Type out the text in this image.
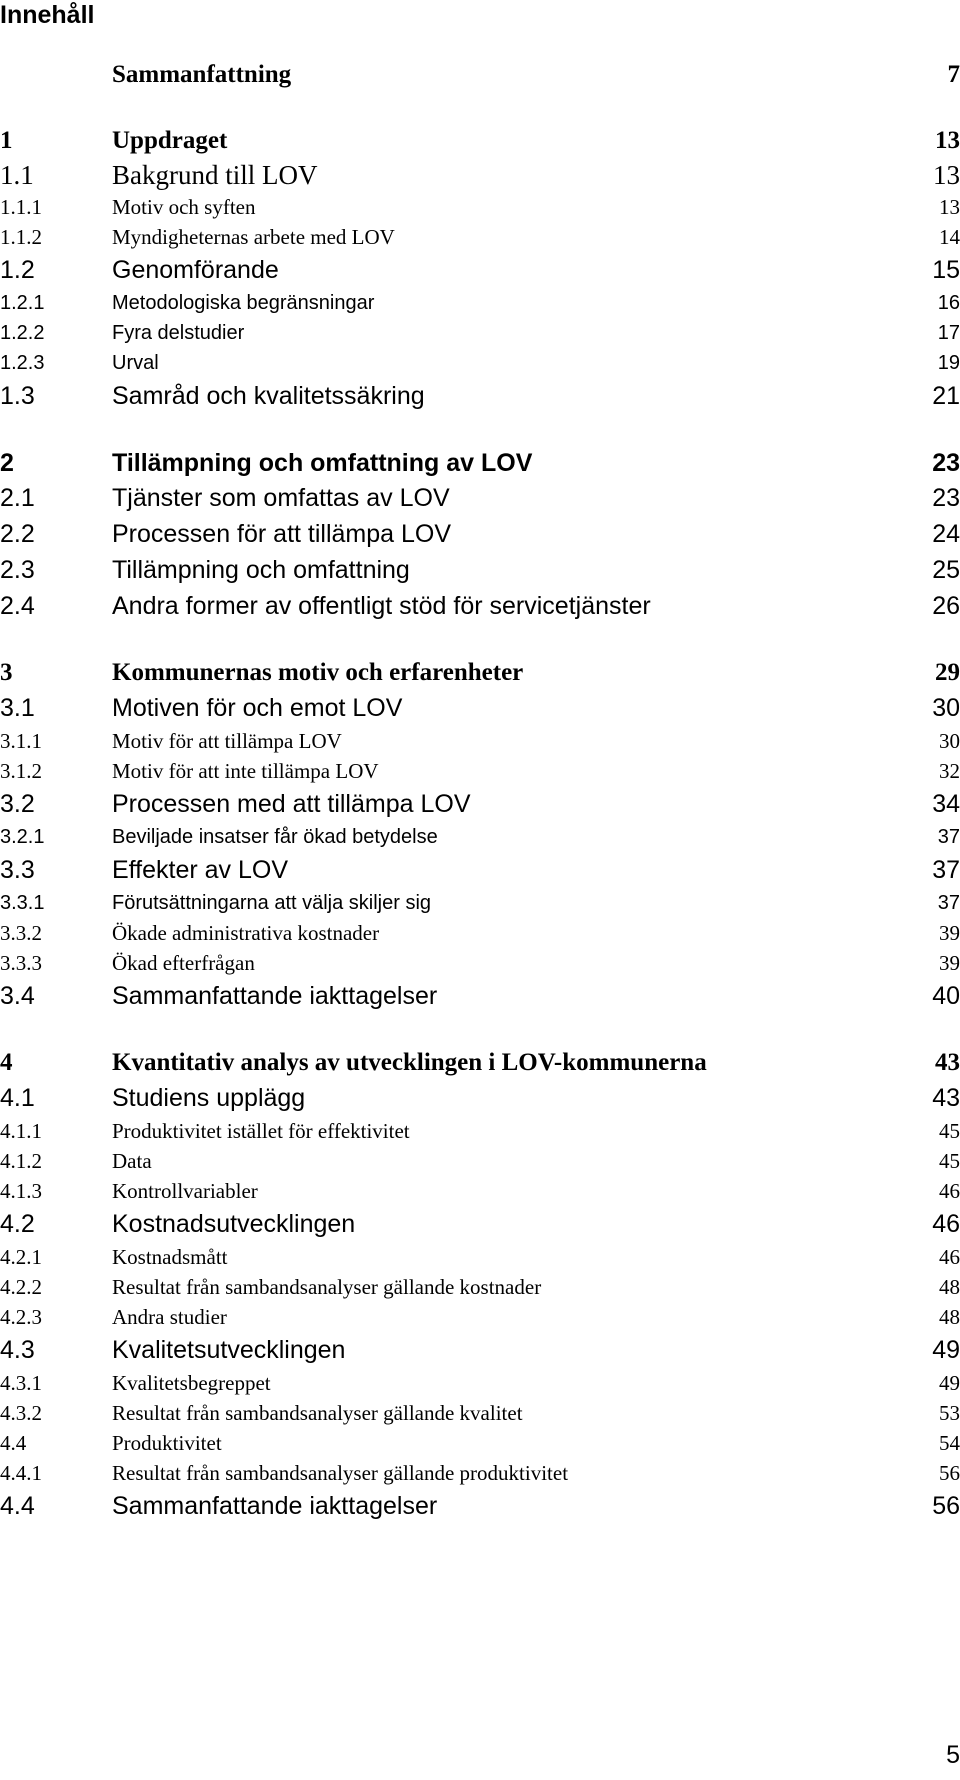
Innehåll
Sammanfattning	7
1	Uppdraget	13
1.1	Bakgrund till LOV	13
1.1.1	Motiv och syften	13
1.1.2	Myndigheternas arbete med LOV	14
1.2	Genomförande	15
1.2.1	Metodologiska begränsningar	16
1.2.2	Fyra delstudier	17
1.2.3	Urval	19
1.3	Samråd och kvalitetssäkring	21
2	Tillämpning och omfattning av LOV	23
2.1	Tjänster som omfattas av LOV	23
2.2	Processen för att tillämpa LOV	24
2.3	Tillämpning och omfattning	25
2.4	Andra former av offentligt stöd för servicetjänster	26
3	Kommunernas motiv och erfarenheter	29
3.1	Motiven för och emot LOV	30
3.1.1	Motiv för att tillämpa LOV	30
3.1.2	Motiv för att inte tillämpa LOV	32
3.2	Processen med att tillämpa LOV	34
3.2.1	Beviljade insatser får ökad betydelse	37
3.3	Effekter av LOV	37
3.3.1	Förutsättningarna att välja skiljer sig	37
3.3.2	Ökade administrativa kostnader	39
3.3.3	Ökad efterfrågan	39
3.4	Sammanfattande iakttagelser	40
4	Kvantitativ analys av utvecklingen i LOV-kommunerna	43
4.1	Studiens upplägg	43
4.1.1	Produktivitet istället för effektivitet	45
4.1.2	Data	45
4.1.3	Kontrollvariabler	46
4.2	Kostnadsutvecklingen	46
4.2.1	Kostnadsmått	46
4.2.2	Resultat från sambandsanalyser gällande kostnader	48
4.2.3	Andra studier	48
4.3	Kvalitetsutvecklingen	49
4.3.1	Kvalitetsbegreppet	49
4.3.2	Resultat från sambandsanalyser gällande kvalitet	53
4.4	Produktivitet	54
4.4.1	Resultat från sambandsanalyser gällande produktivitet	56
4.4	Sammanfattande iakttagelser	56
5
